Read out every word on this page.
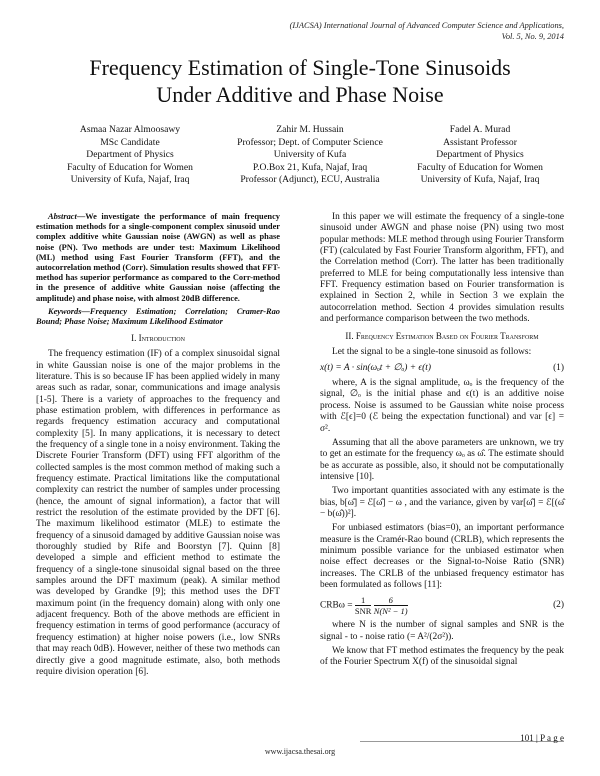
(IJACSA) International Journal of Advanced Computer Science and Applications,
Vol. 5, No. 9, 2014
Frequency Estimation of Single-Tone Sinusoids
Under Additive and Phase Noise
Asmaa Nazar Almoosawy
MSc Candidate
Department of Physics
Faculty of Education for Women
University of Kufa, Najaf, Iraq
Zahir M. Hussain
Professor; Dept. of Computer Science
University of Kufa
P.O.Box 21, Kufa, Najaf, Iraq
Professor (Adjunct), ECU, Australia
Fadel A. Murad
Assistant Professor
Department of Physics
Faculty of Education for Women
University of Kufa, Najaf, Iraq

Abstract—We investigate the performance of main frequency estimation methods for a single-component complex sinusoid under complex additive white Gaussian noise (AWGN) as well as phase noise (PN). Two methods are under test: Maximum Likelihood (ML) method using Fast Fourier Transform (FFT), and the autocorrelation method (Corr). Simulation results showed that FFT-method has superior performance as compared to the Corr-method in the presence of additive white Gaussian noise (affecting the amplitude) and phase noise, with almost 20dB difference.

Keywords—Frequency Estimation; Correlation; Cramer-Rao Bound; Phase Noise; Maximum Likelihood Estimator

I. Introduction

The frequency estimation (IF) of a complex sinusoidal signal in white Gaussian noise is one of the major problems in the literature. This is so because IF has been applied widely in many areas such as radar, sonar, communications and image analysis [1-5]. There is a variety of approaches to the frequency and phase estimation problem, with differences in performance as regards frequency estimation accuracy and computational complexity [5]. In many applications, it is necessary to detect the frequency of a single tone in a noisy environment. Taking the Discrete Fourier Transform (DFT) using FFT algorithm of the collected samples is the most common method of making such a frequency estimate. Practical limitations like the computational complexity can restrict the number of samples under processing (hence, the amount of signal information), a factor that will restrict the resolution of the estimate provided by the DFT [6]. The maximum likelihood estimator (MLE) to estimate the frequency of a sinusoid damaged by additive Gaussian noise was thoroughly studied by Rife and Boorstyn [7]. Quinn [8] developed a simple and efficient method to estimate the frequency of a single-tone sinusoidal signal based on the three samples around the DFT maximum (peak). A similar method was developed by Grandke [9]; this method uses the DFT maximum point (in the frequency domain) along with only one adjacent frequency. Both of the above methods are efficient in frequency estimation in terms of good performance (accuracy of frequency estimation) at higher noise powers (i.e., low SNRs that may reach 0dB). However, neither of these two methods can directly give a good magnitude estimate, also, both methods require division operation [6].

In this paper we will estimate the frequency of a single-tone sinusoid under AWGN and phase noise (PN) using two most popular methods: MLE method through using Fourier Transform (FT) (calculated by Fast Fourier Transform algorithm, FFT), and the Correlation method (Corr). The latter has been traditionally preferred to MLE for being computationally less intensive than FFT. Frequency estimation based on Fourier transformation is explained in Section 2, while in Section 3 we explain the autocorrelation method. Section 4 provides simulation results and performance comparison between the two methods.

II. Frequency Estimation Based on Fourier Transform

Let the signal to be a single-tone sinusoid as follows:

x(t) = A · sin(ωₒt + ∅ₒ) + ϵ(t)	(1)

where, A is the signal amplitude, ωₒ is the frequency of the signal, ∅ₒ is the initial phase and ϵ(t) is an additive noise process. Noise is assumed to be Gaussian white noise process with ℰ[ϵ]=0 (ℰ being the expectation functional) and var [ϵ] = σ².

Assuming that all the above parameters are unknown, we try to get an estimate for the frequency ωₒ as ω̂. The estimate should be as accurate as possible, also, it should not be computationally intensive [10].

Two important quantities associated with any estimate is the bias, b[ω̂] = ℰ[ω̂] − ω , and the variance, given by var[ω̂] = ℰ[(ω̂ − b(ω̂))²].

For unbiased estimators (bias=0), an important performance measure is the Cramér-Rao bound (CRLB), which represents the minimum possible variance for the unbiased estimator when noise effect decreases or the Signal-to-Noise Ratio (SNR) increases. The CRLB of the unbiased frequency estimator has been formulated as follows [11]:

$CRB\omega = \frac{1}{\text{SNR}}$
$\frac{6}{\text{N(N² − 1)}}$	(2)

where N is the number of signal samples and SNR is the signal - to - noise ratio (= A²/(2σ²)).

We know that FT method estimates the frequency by the peak of the Fourier Spectrum X(f) of the sinusoidal signal

101 | P a g e
www.ijacsa.thesai.org
